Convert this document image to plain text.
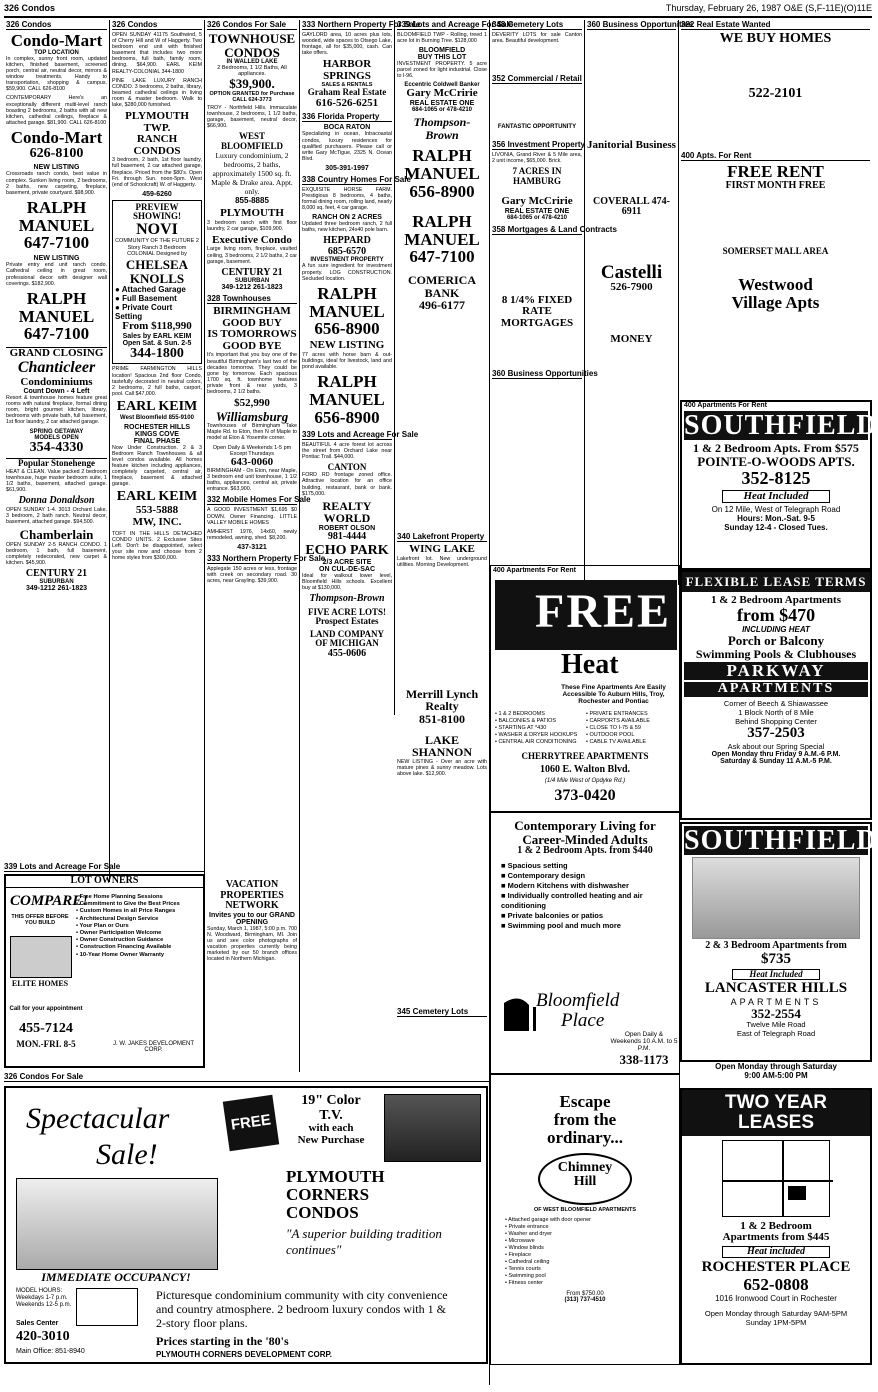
326 Condos	Thursday, February 26, 1987 O&E (S,F-11E)(O)11E
326 Condos
Condo-Mart
TOP LOCATION
In complex, sunny front room, updated kitchen, finished basement, screened porch, central air, neutral decor, mirrors & window treatments. Handy to transportation, shopping & campus. $59,900. CALL 626-8100
CONTEMPORARY Here's an exceptionally different multi-level ranch boasting 2 bedrooms, 2 baths with all new kitchen, cathedral ceilings, fireplace & attached garage. $81,900. CALL 626-8100
Condo-Mart
626-8100
NEW LISTING
Crossroads ranch condo, best value in complex. Sunken living room, 2 bedrooms, 2 baths, new carpeting, fireplace, basement, private courtyard. $98,900.
RALPH
MANUEL
647-7100
NEW LISTING
Private entry end unit ranch condo. Cathedral ceiling in great room, professional decor with designer wall coverings. $182,900.
RALPH
MANUEL
647-7100
GRAND CLOSING
Chanticleer
Condominiums
Count Down - 4 Left
Resort & townhouse homes feature great rooms with natural fireplace, formal dining room, bright gourmet kitchen, library, bedrooms with private bath, full basement, 1st floor laundry, 2 car attached garage.
SPRING GETAWAY
MODELS OPEN
354-4330
Popular Stonehenge
HEAT & CLEAN. Value packed 2 bedroom townhouse, huge master bedroom suite, 1 1/2 baths, basement, attached garage. $61,900.
Donna Donaldson
OPEN SUNDAY 1-4. 3013 Orchard Lake. 3 bedroom, 2 bath ranch. Neutral decor, basement, attached garage. $94,500.
Chamberlain
OPEN SUNDAY 2-5 RANCH CONDO. 1 bedroom, 1 bath, full basement, completely redecorated, new carpet & kitchen. $45,900.
CENTURY 21
SUBURBAN
349-1212 261-1823
326 Condos
OPEN SUNDAY 41175 Southwind, 5 of Cherry Hill and W of Haggerty. Two bedroom end unit with finished basement that includes two more bedrooms, full bath, family room, dining. $64,900. EARL KEIM REALTY-COLONIAL 344-1800
PINE LAKE LUXURY RANCH CONDO. 3 bedrooms, 2 baths, library, beamed cathedral ceilings in living room & master bedroom. Walk to lake, $280,000 furnished.
PLYMOUTH TWP.
RANCH CONDOS
3 bedroom, 2 bath, 1st floor laundry, full basement, 2 car attached garage, fireplace. Priced from the $80's. Open Fri. through Sun. noon-5pm. West (end of Schoolcraft) W. of Haggerty.
459-6260
PREVIEW SHOWING!
NOVI
COMMUNITY OF THE FUTURE 2 Story Ranch 3 Bedroom COLONIAL Designed by
CHELSEA KNOLLS
● Attached Garage
● Full Basement
● Private Court Setting
From $118,990
Sales by EARL KEIM
Open Sat. & Sun. 2-5
344-1800
PRIME FARMINGTON HILLS location! Spacious 2nd floor Condo, tastefully decorated in neutral colors, 2 bedrooms, 2 full baths, carport, pool. Call $47,000.
EARL KEIM
West Bloomfield 855-9100
ROCHESTER HILLS KINGS COVE
FINAL PHASE
Now Under Construction. 2 & 3 Bedroom Ranch Townhouses & all level condos available. All homes feature kitchen including appliances, completely carpeted, central air, fireplace, basement & attached garage.
EARL KEIM
553-5888
MW, INC.
TOFT IN THE HILLS DETACHED CONDO UNITS. 2 Exclusive Sites Left. Don't be disappointed, select your site now and choose from 2 home styles from $300,000.
326 Condos For Sale
TOWNHOUSE
CONDOS
IN WALLED LAKE
2 Bedrooms, 1 1/2 Baths, All appliances.
$39,900.
OPTION GRANTED for Purchase CALL 624-3773
TROY - Northfield Hills. Immaculate townhouse, 2 bedrooms, 1 1/2 baths, garage, basement, neutral decor, $66,900.
WEST BLOOMFIELD
Luxury condominium, 2 bedrooms, 2 baths, approximately 1500 sq. ft. Maple & Drake area. Appt. only.
855-8885
PLYMOUTH
3 bedroom ranch with first floor laundry, 2 car garage, $109,900.
Executive Condo
Large living room, fireplace, vaulted ceiling, 3 bedrooms, 2 1/2 baths, 2 car garage, basement.
CENTURY 21
SUBURBAN
349-1212 261-1823
328 Townhouses
BIRMINGHAM
GOOD BUY
IS TOMORROWS
GOOD BYE
It's important that you buy one of the beautiful Birmingham's last two of the decades tomorrow. They could be gone by tomorrow. Each spacious 1700 sq. ft. townhome features private front & rear yards, 3 bedrooms, 2 1/2 baths.
$52,990
Williamsburg
Townhouses of Birmingham Take Maple Rd. to Eton, then N of Maple to model at Eton & Yosemite corner.
Open Daily & Weekends 1-5 pm Except Thursdays
643-0060
BIRMINGHAM - On Eton, near Maple, 3 bedroom end unit townhouse, 1 1/2 baths, appliances, central air, private entrance. $63,900.
332 Mobile Homes For Sale
A GOOD INVESTMENT $1,695 $0 DOWN. Owner Financing. LITTLE VALLEY MOBILE HOMES
AMHERST 1976, 14x60, newly remodeled, awning, shed. $8,200.
437-3121
333 Northern Property For Sale
Applegate 150 acres or less, frontage with creek on secondary road. 30 acres, near Grayling. $39,900.
333 Northern Property For Sale
GAYLORD area, 10 acres plus lots, wooded, wide spaces to Otsego Lake, frontage, all for $35,000, cash. Can take offers.
HARBOR SPRINGS
SALES & RENTALS
Graham Real Estate
616-526-6251
336 Florida Property
BOCA RATON
Specializing in ocean, Intracoastal condos, luxury residences for qualified purchasers. Please call or write Gary McTigue, 2325 N. Ocean Blvd.
305-391-1997
338 Country Homes For Sale
EXQUISITE HORSE FARM. Prestigious 8 bedrooms, 4 baths, formal dining room, rolling land, nearly 8,000 sq. feet, 4 car garage.
RANCH ON 2 ACRES
Updated three bedroom ranch, 2 full baths, new kitchen, 24x40 pole barn.
HEPPARD
685-6570
INVESTMENT PROPERTY
A fun sure ingredient for investment property. LOG CONSTRUCTION. Secluded location.
RALPH
MANUEL
656-8900
NEW LISTING
77 acres with horse barn & out-buildings, ideal for livestock, land and pond available.
RALPH
MANUEL
656-8900
339 Lots and Acreage For Sale
BEAUTIFUL 4 acre forest lot across the street from Orchard Lake near Pontiac Trail. $44,000.
CANTON
FORD RD frontage zoned office. Attractive location for an office building, restaurant, bank or bank. $175,000.
REALTY WORLD
ROBERT OLSON
981-4444
ECHO PARK
2/3 ACRE SITE
ON CUL-DE-SAC
Ideal for walkout lower level, Bloomfield Hills schools. Excellent buy at $130,000.
Thompson-Brown
FIVE ACRE LOTS!
Prospect Estates
LAND COMPANY
OF MICHIGAN
455-0606
339 Lots and Acreage For Sale
BLOOMFIELD TWP - Rolling, treed 1 acre lot in Burning Tree. $128,000
BLOOMFIELD
BUY THIS LOT
INVESTMENT PROPERTY. 5 acre parcel zoned for light industrial. Close to I-96.
Eccentric Coldwell Banker
Gary McCririe
REAL ESTATE ONE
684-1065 or 478-4210
Thompson-Brown
RALPH
MANUEL
656-8900
RALPH
MANUEL
647-7100
COMERICA
BANK
496-6177
340 Lakefront Property
WING LAKE
Lakefront lot. New underground utilities. Morning Development.
Merrill Lynch
Realty
851-8100
LAKE SHANNON
NEW LISTING - Over an acre with mature pines & sunny meadow. Lots above lake. $12,900.
345 Cemetery Lots
348 Cemetery Lots
DEVERITY LOTS for sale Canton area. Beautiful development.
352 Commercial / Retail
FANTASTIC OPPORTUNITY
356 Investment Property
LIVONIA, Grand River & 5 Mile area, 2 unit income, $65,000. Brick.
7 ACRES IN HAMBURG
Gary McCririe
REAL ESTATE ONE
684-1065 or 478-4210
358 Mortgages & Land Contracts
8 1/4% FIXED
RATE MORTGAGES
360 Business Opportunities
360 Business Opportunities
Janitorial Business
COVERALL 474-6911
Castelli
526-7900
MONEY
382 Real Estate Wanted
WE BUY HOMES
522-2101
400 Apts. For Rent
FREE RENT
FIRST MONTH FREE
SOMERSET MALL AREA
Westwood
Village Apts
400 Apartments For Rent
FREE
Heat
These Fine Apartments Are Easily Accessible To Auburn Hills, Troy, Rochester and Pontiac
• 1 & 2 BEDROOMS	• PRIVATE ENTRANCES
• BALCONIES & PATIOS	• CARPORTS AVAILABLE
• STARTING AT *430	• CLOSE TO I-75 & 59
• WASHER & DRYER HOOKUPS	• OUTDOOR POOL
• CENTRAL AIR CONDITIONING	• CABLE TV AVAILABLE
CHERRYTREE APARTMENTS
1060 E. Walton Blvd.
(1/4 Mile West of Opdyke Rd.)
373-0420
Contemporary Living for
Career-Minded Adults
1 & 2 Bedroom Apts. from $440
■ Spacious setting
■ Contemporary design
■ Modern Kitchens with dishwasher
■ Individually controlled heating and air conditioning
■ Private balconies or patios
■ Swimming pool and much more
Bloomfield
Place
Open Daily & Weekends 10 A.M. to 5 P.M.
338-1173
Escape
from the
ordinary...
Chimney
Hill
OF WEST BLOOMFIELD APARTMENTS
• Attached garage with door opener
• Private entrance
• Washer and dryer
• Microwave
• Window blinds
• Fireplace
• Cathedral ceiling
• Tennis courts
• Swimming pool
• Fitness center
From $750.00
(313) 737-4510
400 Apartments For Rent
SOUTHFIELD
1 & 2 Bedroom Apts. From $575
POINTE-O-WOODS APTS.
352-8125
Heat Included
On 12 Mile, West of Telegraph Road
Hours: Mon.-Sat. 9-5
Sunday 12-4 - Closed Tues.
FLEXIBLE LEASE TERMS
1 & 2 Bedroom Apartments
from $470
INCLUDING HEAT
Porch or Balcony
Swimming Pools & Clubhouses
PARKWAY
APARTMENTS
Corner of Beech & Shiawassee
1 Block North of 8 Mile
Behind Shopping Center
357-2503
Ask about our Spring Special
Open Monday thru Friday 9 A.M.-6 P.M.
Saturday & Sunday 11 A.M.-5 P.M.
SOUTHFIELD
2 & 3 Bedroom Apartments from
$735
Heat Included
LANCASTER HILLS
APARTMENTS
352-2554
Twelve Mile Road
East of Telegraph Road
Open Monday through Saturday
9:00 AM-5:00 PM
TWO YEAR LEASES
1 & 2 Bedroom
Apartments from $445
Heat included
ROCHESTER PLACE
652-0808
1016 Ironwood Court in Rochester
Open Monday through Saturday 9AM-5PM
Sunday 1PM-5PM
339 Lots and Acreage For Sale
LOT OWNERS
COMPARE!
THIS OFFER BEFORE YOU BUILD
ELITE HOMES
• Free Home Planning Sessions
• Commitment to Give the Best Prices
• Custom Homes in all Price Ranges
• Architectural Design Service
• Your Plan or Ours
• Owner Participation Welcome
• Owner Construction Guidance
• Construction Financing Available
• 10-Year Home Owner Warranty
Call for your appointment
455-7124
MON.-FRI. 8-5	J. W. JAKES DEVELOPMENT CORP.
VACATION PROPERTIES NETWORK
Invites you to our GRAND OPENING
Sunday, March 1, 1987, 5:00 p.m. 700 N. Woodward, Birmingham, MI. Join us and see color photographs of vacation properties currently being marketed by our 50 branch offices located in Northern Michigan.
326 Condos For Sale
Spectacular
Sale!
FREE
19" Color
T.V.
with each
New Purchase
IMMEDIATE OCCUPANCY!
PLYMOUTH
CORNERS
CONDOS
"A superior building tradition continues"
MODEL HOURS: Weekdays 1-7 p.m. Weekends 12-5 p.m.
Sales Center
420-3010
Main Office: 851-8940
Picturesque condominium community with city convenience and country atmosphere. 2 bedroom luxury condos with 1 & 2-story floor plans.
Prices starting in the '80's
PLYMOUTH CORNERS DEVELOPMENT CORP.
